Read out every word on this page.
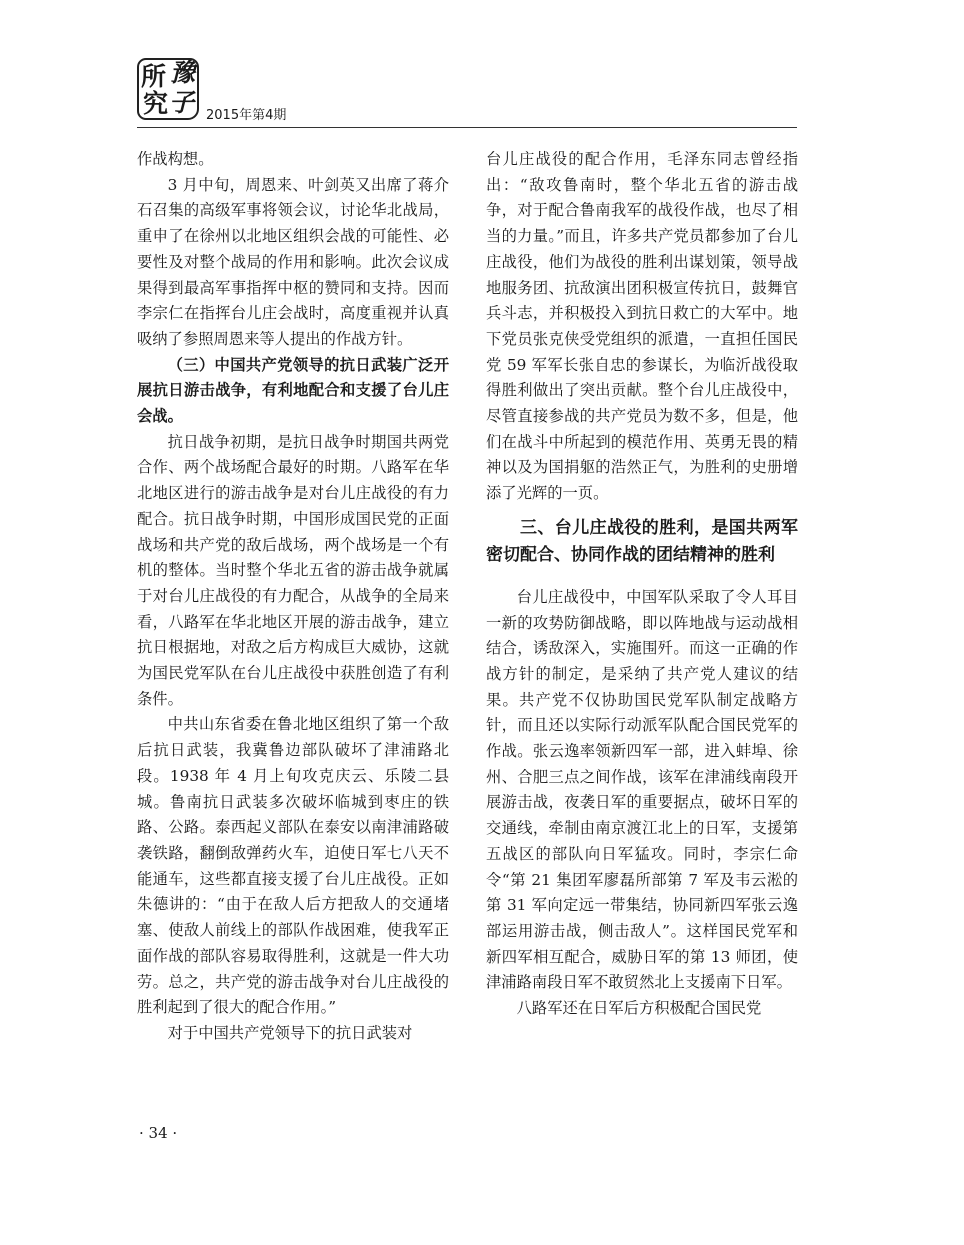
所 豫
究 子 2015年第4期

作战构想。

3 月中旬，周恩来、叶剑英又出席了蒋介石召集的高级军事将领会议，讨论华北战局，重申了在徐州以北地区组织会战的可能性、必要性及对整个战局的作用和影响。此次会议成果得到最高军事指挥中枢的赞同和支持。因而李宗仁在指挥台儿庄会战时，高度重视并认真吸纳了参照周恩来等人提出的作战方针。

（三）中国共产党领导的抗日武装广泛开展抗日游击战争，有利地配合和支援了台儿庄会战。

抗日战争初期，是抗日战争时期国共两党合作、两个战场配合最好的时期。八路军在华北地区进行的游击战争是对台儿庄战役的有力配合。抗日战争时期，中国形成国民党的正面战场和共产党的敌后战场，两个战场是一个有机的整体。当时整个华北五省的游击战争就属于对台儿庄战役的有力配合，从战争的全局来看，八路军在华北地区开展的游击战争，建立抗日根据地，对敌之后方构成巨大威协，这就为国民党军队在台儿庄战役中获胜创造了有利条件。

中共山东省委在鲁北地区组织了第一个敌后抗日武装，我冀鲁边部队破坏了津浦路北段。1938 年 4 月上旬攻克庆云、乐陵二县城。鲁南抗日武装多次破坏临城到枣庄的铁路、公路。泰西起义部队在泰安以南津浦路破袭铁路，翻倒敌弹药火车，迫使日军七八天不能通车，这些都直接支援了台儿庄战役。正如朱德讲的：“由于在敌人后方把敌人的交通堵塞、使敌人前线上的部队作战困难，使我军正面作战的部队容易取得胜利，这就是一件大功劳。总之，共产党的游击战争对台儿庄战役的胜利起到了很大的配合作用。”

对于中国共产党领导下的抗日武装对

台儿庄战役的配合作用，毛泽东同志曾经指出：“敌攻鲁南时，整个华北五省的游击战争，对于配合鲁南我军的战役作战，也尽了相当的力量。”而且，许多共产党员都参加了台儿庄战役，他们为战役的胜利出谋划策，领导战地服务团、抗敌演出团积极宣传抗日，鼓舞官兵斗志，并积极投入到抗日救亡的大军中。地下党员张克侠受党组织的派遣，一直担任国民党 59 军军长张自忠的参谋长，为临沂战役取得胜利做出了突出贡献。整个台儿庄战役中，尽管直接参战的共产党员为数不多，但是，他们在战斗中所起到的模范作用、英勇无畏的精神以及为国捐躯的浩然正气，为胜利的史册增添了光辉的一页。

三、台儿庄战役的胜利，是国共两军密切配合、协同作战的团结精神的胜利

台儿庄战役中，中国军队采取了令人耳目一新的攻势防御战略，即以阵地战与运动战相结合，诱敌深入，实施围歼。而这一正确的作战方针的制定，是采纳了共产党人建议的结果。共产党不仅协助国民党军队制定战略方针，而且还以实际行动派军队配合国民党军的作战。张云逸率领新四军一部，进入蚌埠、徐州、合肥三点之间作战，该军在津浦线南段开展游击战，夜袭日军的重要据点，破坏日军的交通线，牵制由南京渡江北上的日军，支援第五战区的部队向日军猛攻。同时，李宗仁命令“第 21 集团军廖磊所部第 7 军及韦云淞的第 31 军向定远一带集结，协同新四军张云逸部运用游击战，侧击敌人”。这样国民党军和新四军相互配合，威胁日军的第 13 师团，使津浦路南段日军不敢贸然北上支援南下日军。

八路军还在日军后方积极配合国民党

· 34 ·
